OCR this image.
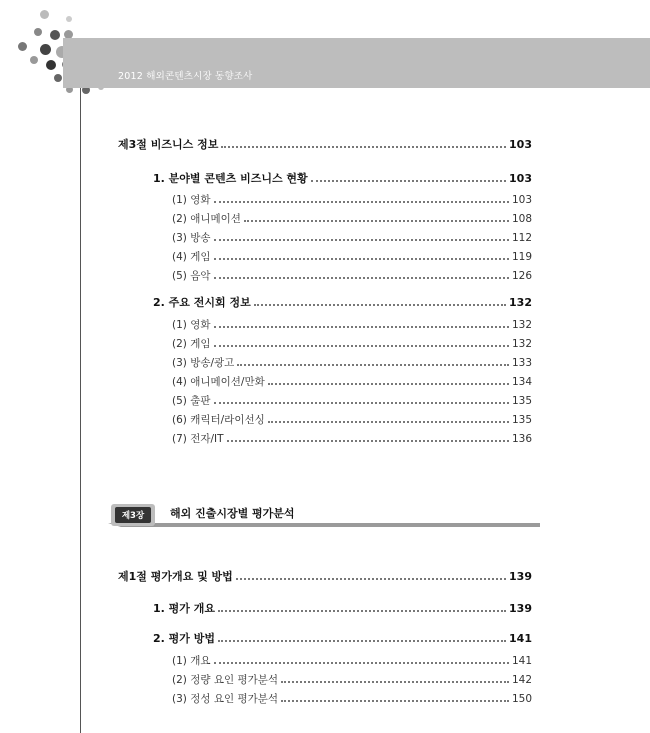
2012 해외콘텐츠시장 동향조사
제3절 비즈니스 정보	103
1. 분야별 콘텐츠 비즈니스 현황	103
(1) 영화	103
(2) 애니메이션	108
(3) 방송	112
(4) 게임	119
(5) 음악	126
2. 주요 전시회 정보	132
(1) 영화	132
(2) 게임	132
(3) 방송/광고	133
(4) 애니메이션/만화	134
(5) 출판	135
(6) 캐릭터/라이선싱	135
(7) 전자/IT	136
제3장	해외 진출시장별 평가분석
제1절 평가개요 및 방법	139
1. 평가 개요	139
2. 평가 방법	141
(1) 개요	141
(2) 정량 요인 평가분석	142
(3) 정성 요인 평가분석	150
